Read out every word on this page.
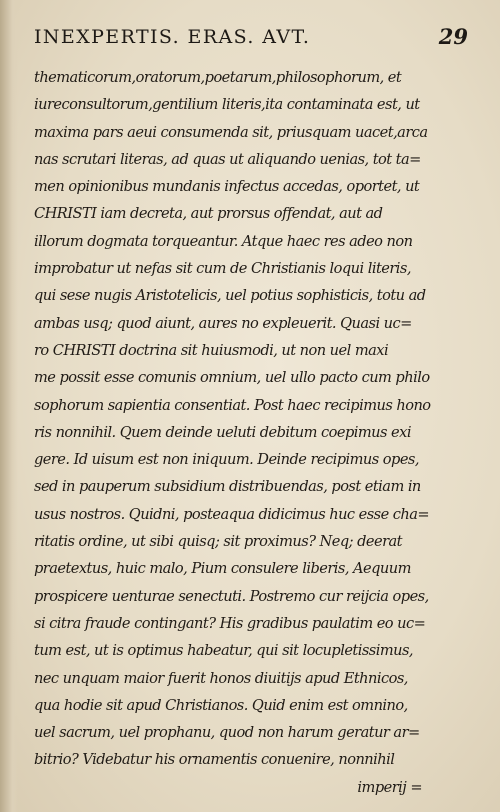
INEXPERTIS. ERAS. AVT.	29
thematicorum,oratorum,poetarum,philosophorum, et
iureconsultorum,gentilium literis,ita contaminata est, ut
maxima pars aeui consumenda sit, priusquam uacet,arca
nas scrutari literas, ad quas ut aliquando uenias, tot ta=
men opinionibus mundanis infectus accedas, oportet, ut
CHRISTI iam decreta, aut prorsus offendat, aut ad
illorum dogmata torqueantur. Atque haec res adeo non
improbatur ut nefas sit cum de Christianis loqui literis,
qui sese nugis Aristotelicis, uel potius sophisticis, totu ad
ambas usq; quod aiunt, aures no expleuerit. Quasi uc=
ro CHRISTI doctrina sit huiusmodi, ut non uel maxi
me possit esse comunis omnium, uel ullo pacto cum philo
sophorum sapientia consentiat. Post haec recipimus hono
ris nonnihil. Quem deinde ueluti debitum coepimus exi
gere. Id uisum est non iniquum. Deinde recipimus opes,
sed in pauperum subsidium distribuendas, post etiam in
usus nostros. Quidni, posteaqua didicimus huc esse cha=
ritatis ordine, ut sibi quisq; sit proximus? Neq; deerat
praetextus, huic malo, Pium consulere liberis, Aequum
prospicere uenturae senectuti. Postremo cur reijcia opes,
si citra fraude contingant? His gradibus paulatim eo uc=
tum est, ut is optimus habeatur, qui sit locupletissimus,
nec unquam maior fuerit honos diuitijs apud Ethnicos,
qua hodie sit apud Christianos. Quid enim est omnino,
uel sacrum, uel prophanu, quod non harum geratur ar=
bitrio? Videbatur his ornamentis conuenire, nonnihil
imperij =
